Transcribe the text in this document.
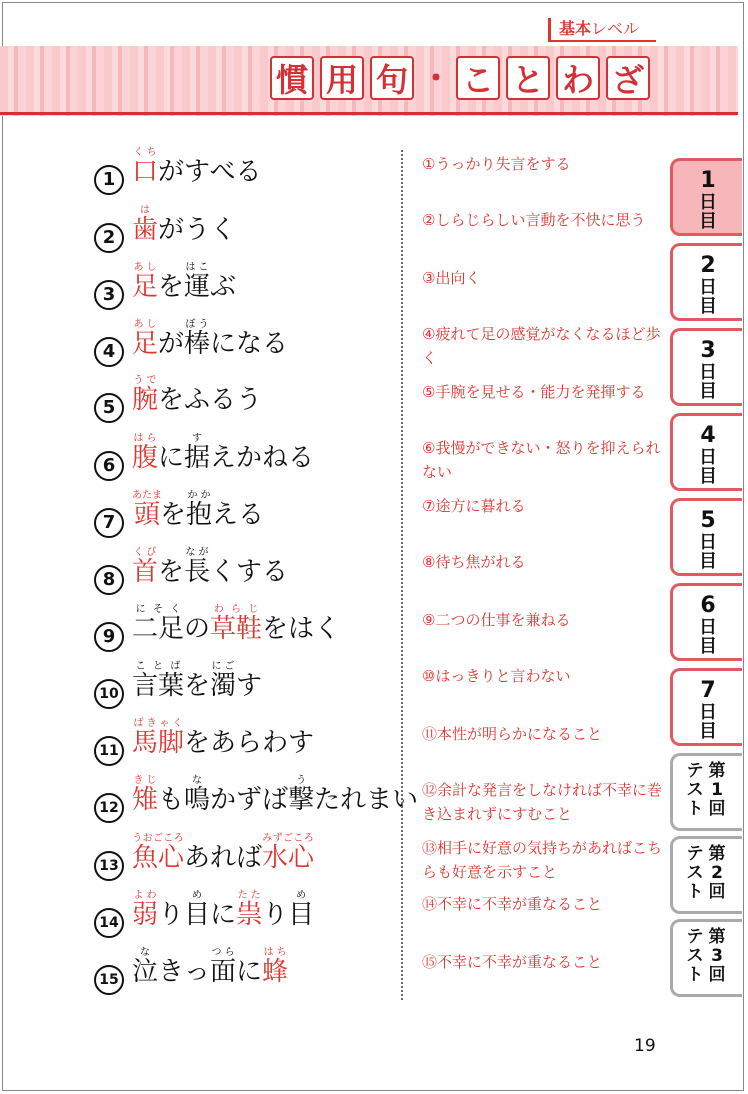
基本レベル
慣 用 句 ・ こ と わ ざ
1 口くちがすべる
2 歯はがうく
3 足あしを運はこぶ
4 足あしが棒ぼうになる
5 腕うでをふるう
6 腹はらに据すえかねる
7 頭あたまを抱かかえる
8 首くびを長ながくする
9 二足にそくの草鞋わらじをはく
10 言葉ことばを濁にごす
11 馬脚ばきゃくをあらわす
12 雉きじも鳴なかずば撃うたれまい
13 魚心うおごころあれば水心みずごころ
14 弱よわり目めに祟たたり目め
15 泣なきっ面つらに蜂はち
①うっかり失言をする
②しらじらしい言動を不快に思う
③出向く
④疲れて足の感覚がなくなるほど歩く
⑤手腕を見せる・能力を発揮する
⑥我慢ができない・怒りを抑えられない
⑦途方に暮れる
⑧待ち焦がれる
⑨二つの仕事を兼ねる
⑩はっきりと言わない
⑪本性が明らかになること
⑫余計な発言をしなければ不幸に巻き込まれずにすむこと
⑬相手に好意の気持ちがあればこちらも好意を示すこと
⑭不幸に不幸が重なること
⑮不幸に不幸が重なること
1
日目
2
日目
3
日目
4
日目
5
日目
6
日目
7
日目
第1回
テスト
第2回
テスト
第3回
テスト
19
